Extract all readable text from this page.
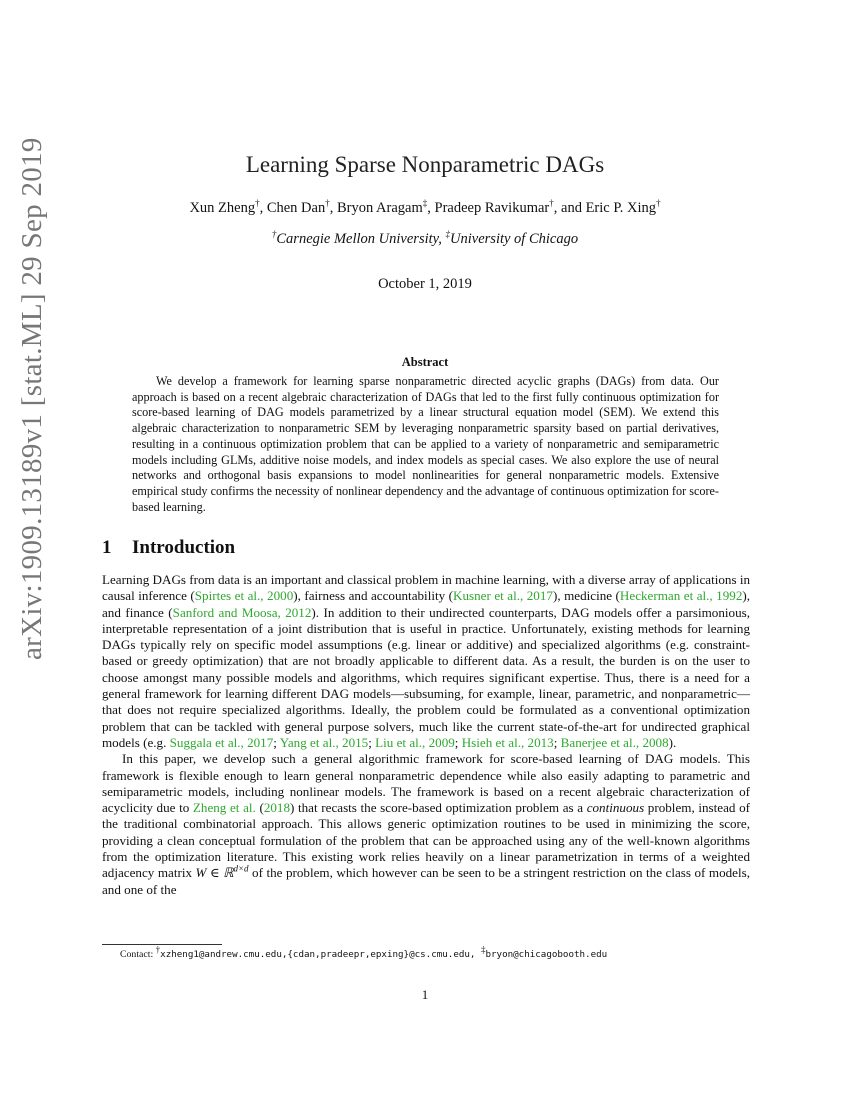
arXiv:1909.13189v1 [stat.ML] 29 Sep 2019	Learning Sparse Nonparametric DAGs
Xun Zheng†, Chen Dan†, Bryon Aragam‡, Pradeep Ravikumar†, and Eric P. Xing†
†Carnegie Mellon University, ‡University of Chicago
October 1, 2019
Abstract

We develop a framework for learning sparse nonparametric directed acyclic graphs (DAGs) from data. Our approach is based on a recent algebraic characterization of DAGs that led to the first fully continuous optimization for score-based learning of DAG models parametrized by a linear structural equation model (SEM). We extend this algebraic characterization to nonparametric SEM by leveraging nonparametric sparsity based on partial derivatives, resulting in a continuous optimization problem that can be applied to a variety of nonparametric and semiparametric models including GLMs, additive noise models, and index models as special cases. We also explore the use of neural networks and orthogonal basis expansions to model nonlinearities for general nonparametric models. Extensive empirical study confirms the necessity of nonlinear dependency and the advantage of continuous optimization for score-based learning.

1 Introduction

Learning DAGs from data is an important and classical problem in machine learning, with a diverse array of applications in causal inference (Spirtes et al., 2000), fairness and accountability (Kusner et al., 2017), medicine (Heckerman et al., 1992), and finance (Sanford and Moosa, 2012). In addition to their undirected counterparts, DAG models offer a parsimonious, interpretable representation of a joint distribution that is useful in practice. Unfortunately, existing methods for learning DAGs typically rely on specific model assumptions (e.g. linear or additive) and specialized algorithms (e.g. constraint-based or greedy optimization) that are not broadly applicable to different data. As a result, the burden is on the user to choose amongst many possible models and algorithms, which requires significant expertise. Thus, there is a need for a general framework for learning different DAG models—subsuming, for example, linear, parametric, and nonparametric—that does not require specialized algorithms. Ideally, the problem could be formulated as a conventional optimization problem that can be tackled with general purpose solvers, much like the current state-of-the-art for undirected graphical models (e.g. Suggala et al., 2017; Yang et al., 2015; Liu et al., 2009; Hsieh et al., 2013; Banerjee et al., 2008).

In this paper, we develop such a general algorithmic framework for score-based learning of DAG models. This framework is flexible enough to learn general nonparametric dependence while also easily adapting to parametric and semiparametric models, including nonlinear models. The framework is based on a recent algebraic characterization of acyclicity due to Zheng et al. (2018) that recasts the score-based optimization problem as a continuous problem, instead of the traditional combinatorial approach. This allows generic optimization routines to be used in minimizing the score, providing a clean conceptual formulation of the problem that can be approached using any of the well-known algorithms from the optimization literature. This existing work relies heavily on a linear parametrization in terms of a weighted adjacency matrix W ∈ ℝ$^{d\times d}$ of the problem, which however can be seen to be a stringent restriction on the class of models, and one of the

Contact: †xzheng1@andrew.cmu.edu,{cdan,pradeepr,epxing}@cs.cmu.edu, ‡bryon@chicagobooth.edu
1
